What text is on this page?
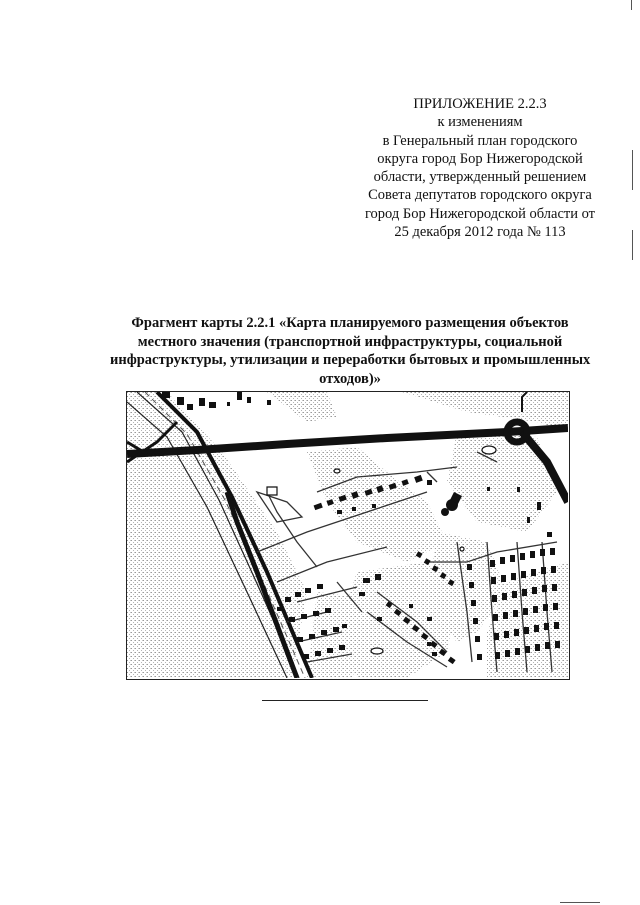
ПРИЛОЖЕНИЕ 2.2.3
к изменениям
в Генеральный план городского
округа город Бор Нижегородской
области, утвержденный решением
Совета депутатов городского округа
город Бор Нижегородской области от
25 декабря 2012 года № 113
Фрагмент карты 2.2.1 «Карта планируемого размещения объектов
местного значения (транспортной инфраструктуры, социальной
инфраструктуры, утилизации и переработки бытовых и промышленных
отходов)»
